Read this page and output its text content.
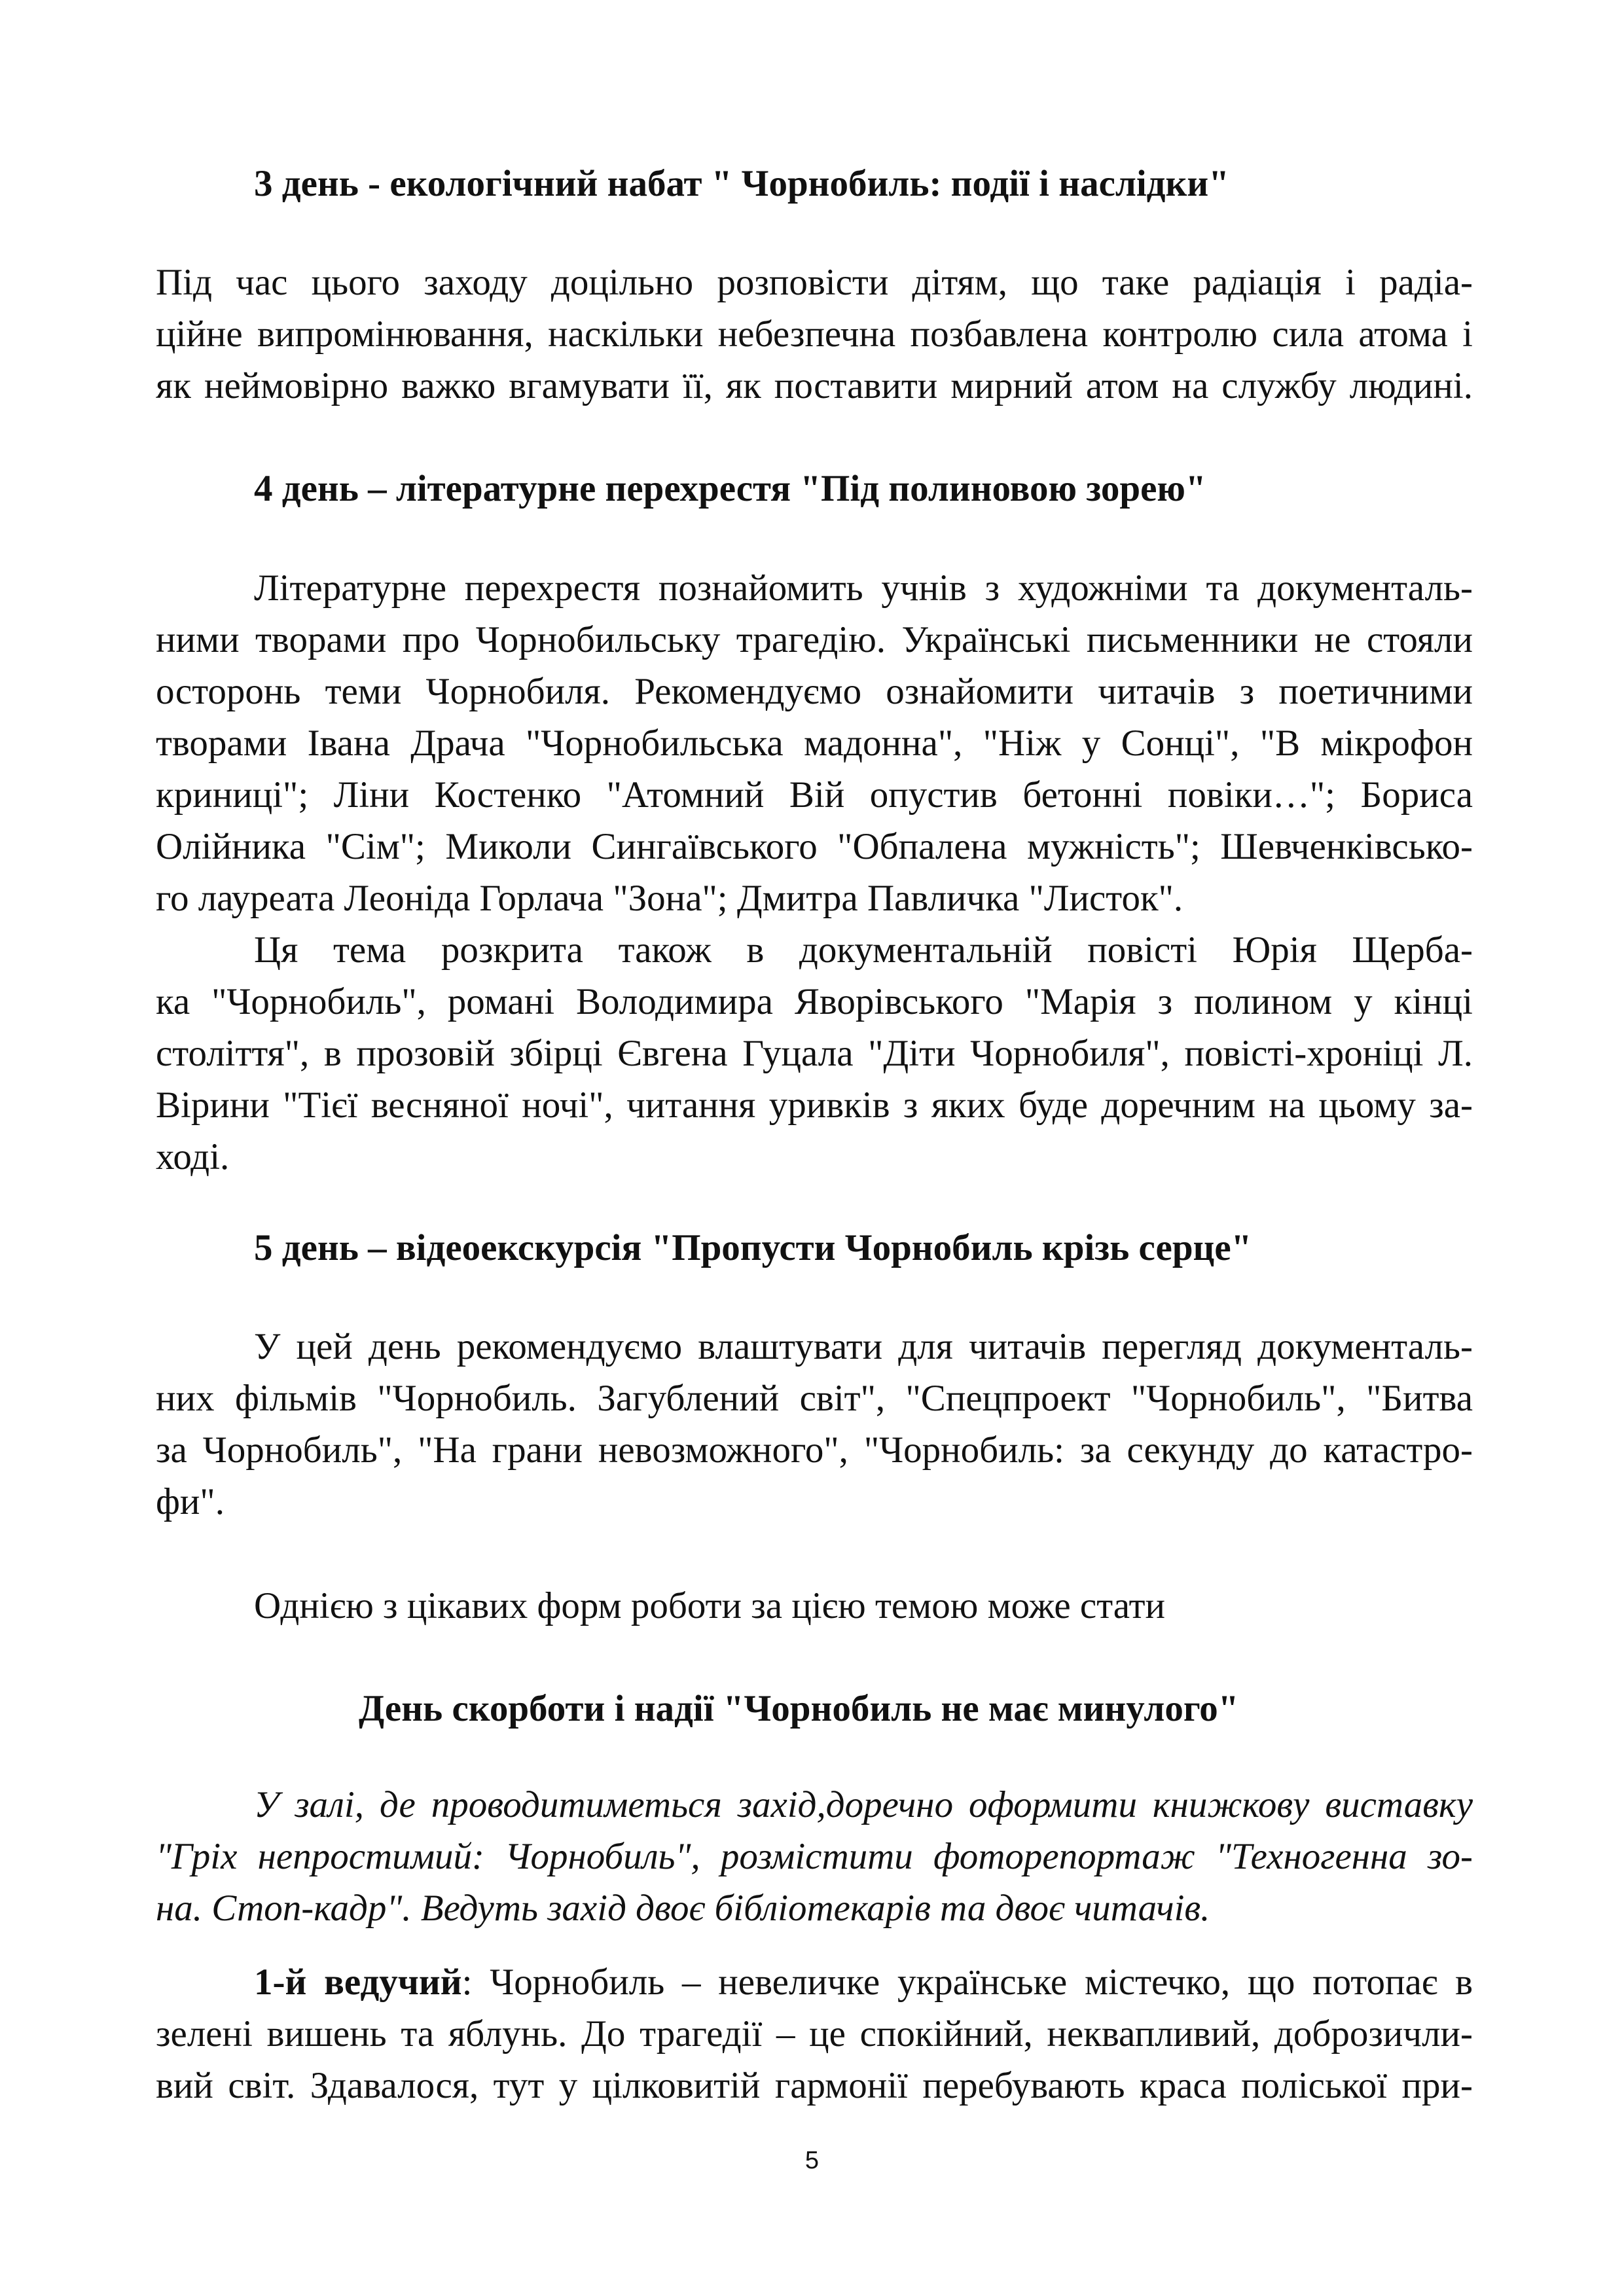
3 день - екологічний набат " Чорнобиль: події і наслідки"
Під час цього заходу доцільно розповісти дітям, що таке радіація і радіа-
ційне випромінювання, наскільки небезпечна позбавлена контролю сила атома і
як неймовірно важко вгамувати її, як поставити мирний атом на службу людині.
4 день – літературне перехрестя "Під полиновою зорею"
Літературне перехрестя познайомить учнів з художніми та документаль-
ними творами про Чорнобильську трагедію. Українські письменники не стояли
осторонь теми Чорнобиля. Рекомендуємо ознайомити читачів з поетичними
творами Івана Драча "Чорнобильська мадонна", "Ніж у Сонці", "В мікрофон
криниці"; Ліни Костенко "Атомний Вій опустив бетонні повіки…"; Бориса
Олійника "Сім"; Миколи Сингаївського "Обпалена мужність"; Шевченківсько-
го лауреата Леоніда Горлача "Зона"; Дмитра Павличка "Листок".
Ця тема розкрита також в документальній повісті Юрія Щерба-
ка "Чорнобиль", романі Володимира Яворівського "Марія з полином у кінці
століття", в прозовій збірці Євгена Гуцала "Діти Чорнобиля", повісті-хроніці Л.
Вірини "Тієї весняної ночі", читання уривків з яких буде доречним на цьому за-
ході.
5 день – відеоекскурсія "Пропусти Чорнобиль крізь серце"
У цей день рекомендуємо влаштувати для читачів перегляд документаль-
них фільмів "Чорнобиль. Загублений світ", "Спецпроект "Чорнобиль", "Битва
за Чорнобиль", "На грани невозможного", "Чорнобиль: за секунду до катастро-
фи".
Однією з цікавих форм роботи за цією темою може стати
День скорботи і надії "Чорнобиль не має минулого"
У залі, де проводитиметься захід,доречно оформити книжкову виставку
"Гріх непростимий: Чорнобиль", розмістити фоторепортаж "Техногенна зо-
на. Стоп-кадр". Ведуть захід двоє бібліотекарів та двоє читачів.
1-й ведучий: Чорнобиль – невеличке українське містечко, що потопає в
зелені вишень та яблунь. До трагедії – це спокійний, неквапливий, доброзичли-
вий світ. Здавалося, тут у цілковитій гармонії перебувають краса поліської при-
5
